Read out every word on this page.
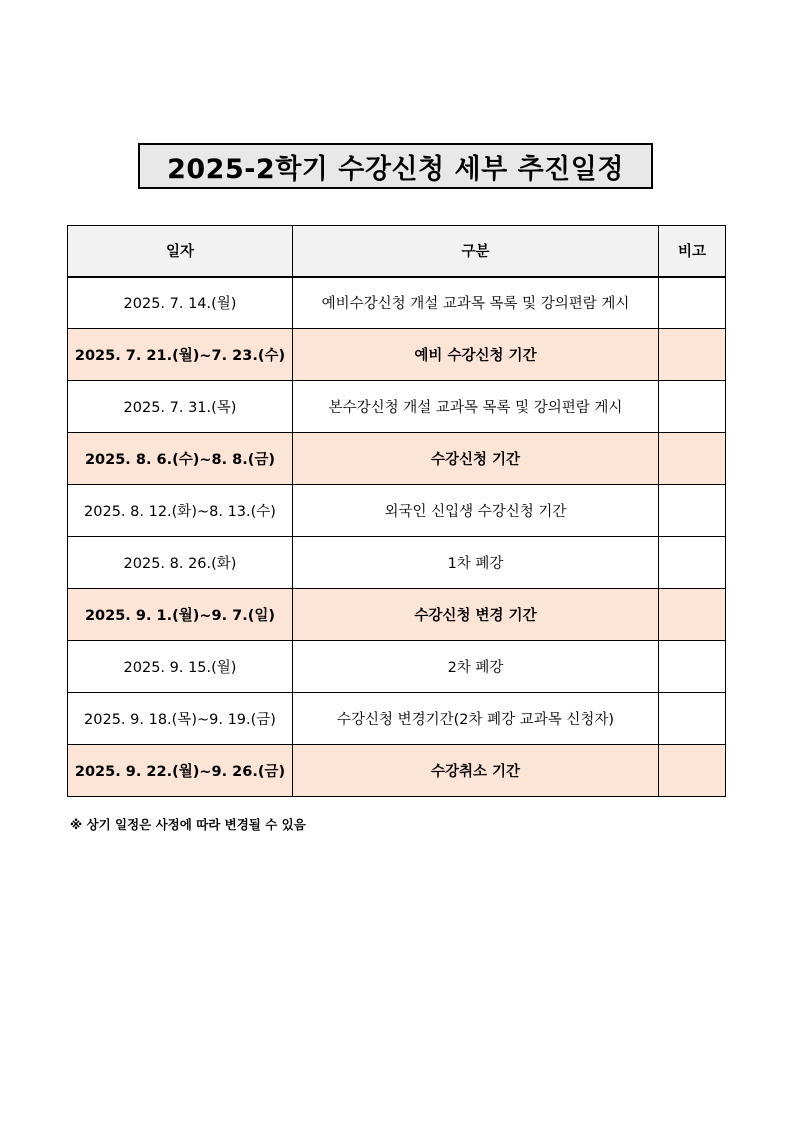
2025-2학기 수강신청 세부 추진일정
일자	구분	비고
2025. 7. 14.(월)	예비수강신청 개설 교과목 목록 및 강의편람 게시	
2025. 7. 21.(월)~7. 23.(수)	예비 수강신청 기간	
2025. 7. 31.(목)	본수강신청 개설 교과목 목록 및 강의편람 게시	
2025. 8. 6.(수)~8. 8.(금)	수강신청 기간	
2025. 8. 12.(화)~8. 13.(수)	외국인 신입생 수강신청 기간	
2025. 8. 26.(화)	1차 폐강	
2025. 9. 1.(월)~9. 7.(일)	수강신청 변경 기간	
2025. 9. 15.(월)	2차 폐강	
2025. 9. 18.(목)~9. 19.(금)	수강신청 변경기간(2차 폐강 교과목 신청자)	
2025. 9. 22.(월)~9. 26.(금)	수강취소 기간	
※ 상기 일정은 사정에 따라 변경될 수 있음
